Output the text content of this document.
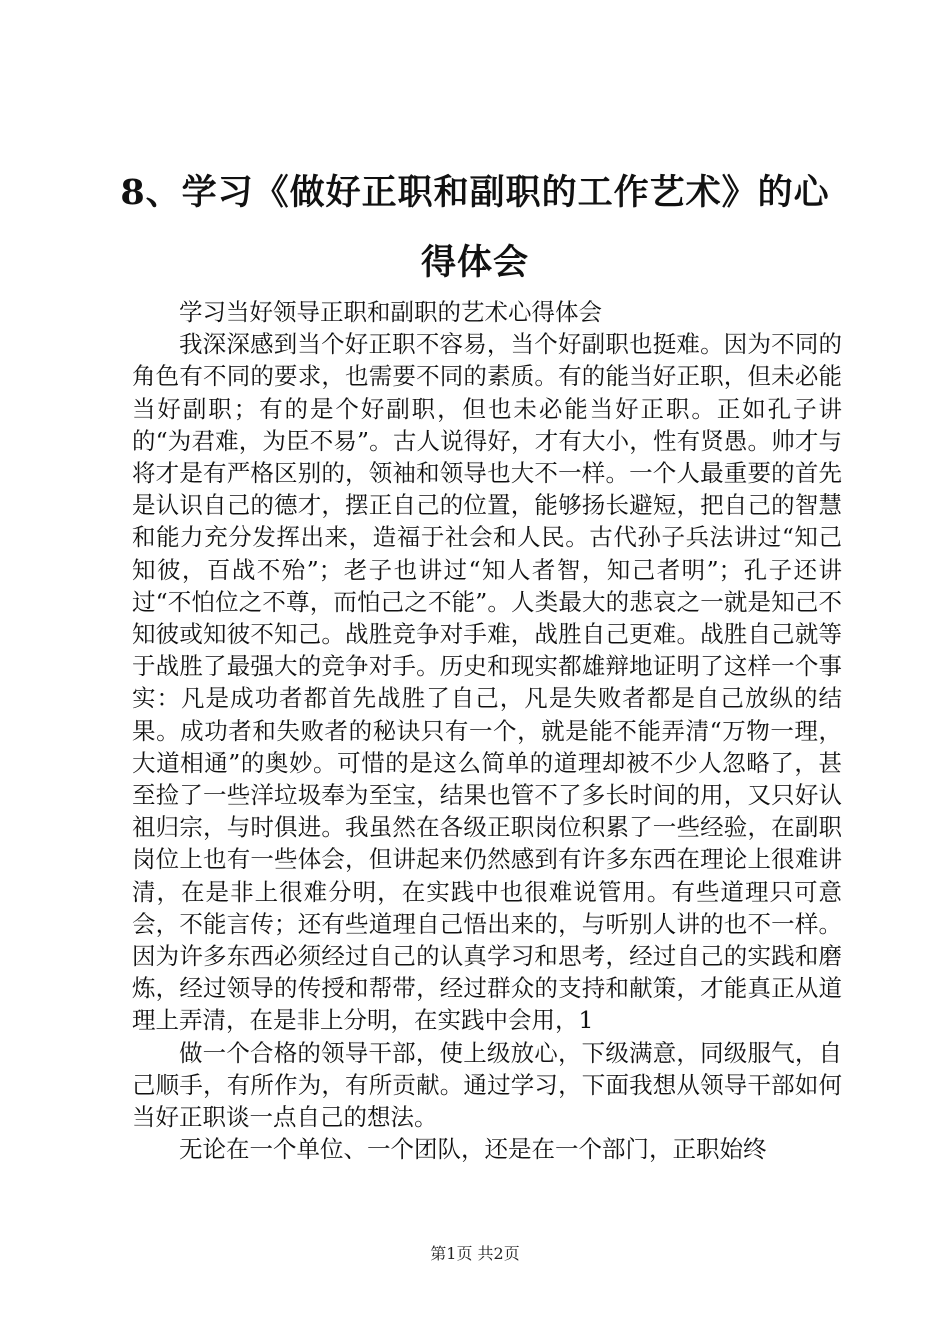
8、学习《做好正职和副职的工作艺术》的心得体会

学习当好领导正职和副职的艺术心得体会

我深深感到当个好正职不容易，当个好副职也挺难。因为不同的角色有不同的要求，也需要不同的素质。有的能当好正职，但未必能当好副职；有的是个好副职，但也未必能当好正职。正如孔子讲的“为君难，为臣不易”。古人说得好，才有大小，性有贤愚。帅才与将才是有严格区别的，领袖和领导也大不一样。一个人最重要的首先是认识自己的德才，摆正自己的位置，能够扬长避短，把自己的智慧和能力充分发挥出来，造福于社会和人民。古代孙子兵法讲过“知己知彼，百战不殆”；老子也讲过“知人者智，知己者明”；孔子还讲过“不怕位之不尊，而怕己之不能”。人类最大的悲哀之一就是知己不知彼或知彼不知己。战胜竞争对手难，战胜自己更难。战胜自己就等于战胜了最强大的竞争对手。历史和现实都雄辩地证明了这样一个事实：凡是成功者都首先战胜了自己，凡是失败者都是自己放纵的结果。成功者和失败者的秘诀只有一个，就是能不能弄清“万物一理，大道相通”的奥妙。可惜的是这么简单的道理却被不少人忽略了，甚至捡了一些洋垃圾奉为至宝，结果也管不了多长时间的用，又只好认祖归宗，与时俱进。我虽然在各级正职岗位积累了一些经验，在副职岗位上也有一些体会，但讲起来仍然感到有许多东西在理论上很难讲清，在是非上很难分明，在实践中也很难说管用。有些道理只可意会，不能言传；还有些道理自己悟出来的，与听别人讲的也不一样。因为许多东西必须经过自己的认真学习和思考，经过自己的实践和磨炼，经过领导的传授和帮带，经过群众的支持和献策，才能真正从道理上弄清，在是非上分明，在实践中会用，1

做一个合格的领导干部，使上级放心，下级满意，同级服气，自己顺手，有所作为，有所贡献。通过学习，下面我想从领导干部如何当好正职谈一点自己的想法。

无论在一个单位、一个团队，还是在一个部门，正职始终

第1页 共2页
